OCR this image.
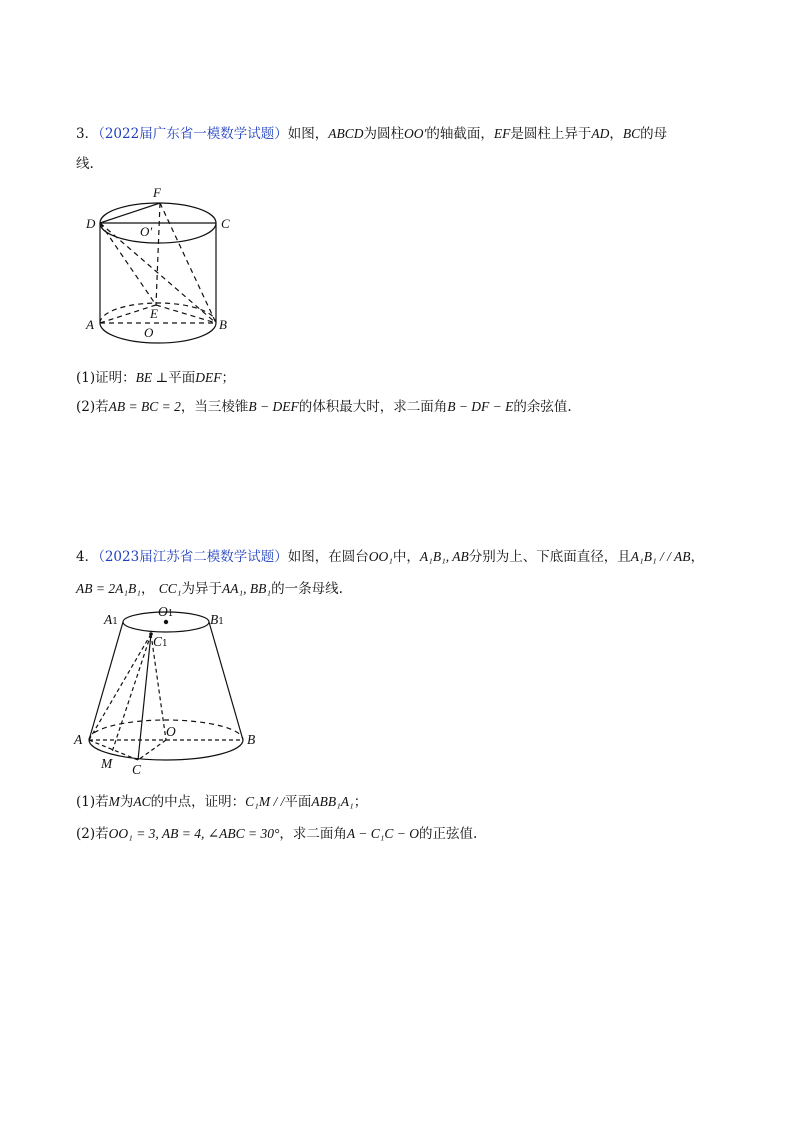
3．（2022届广东省一模数学试题）如图，ABCD为圆柱OO′的轴截面，EF是圆柱上异于AD，BC的母
线.
F
D	C
O′
E
A	B
O
A1
O1	B1
C1
A
O
B
M C
(1)证明：BE ⊥平面DEF；
(2)若AB = BC = 2，当三棱锥B − DEF的体积最大时，求二面角B − DF − E的余弦值.
4．（2023届江苏省二模数学试题）如图，在圆台OO₁中，A₁B₁, AB分别为上、下底面直径，且A₁B₁ / / AB，
AB = 2A₁B₁， CC₁为异于AA₁, BB₁的一条母线.
(1)若M为AC的中点，证明：C₁M / /平面ABB₁A₁；
(2)若OO₁ = 3, AB = 4, ∠ABC = 30°，求二面角A − C₁C − O的正弦值.
